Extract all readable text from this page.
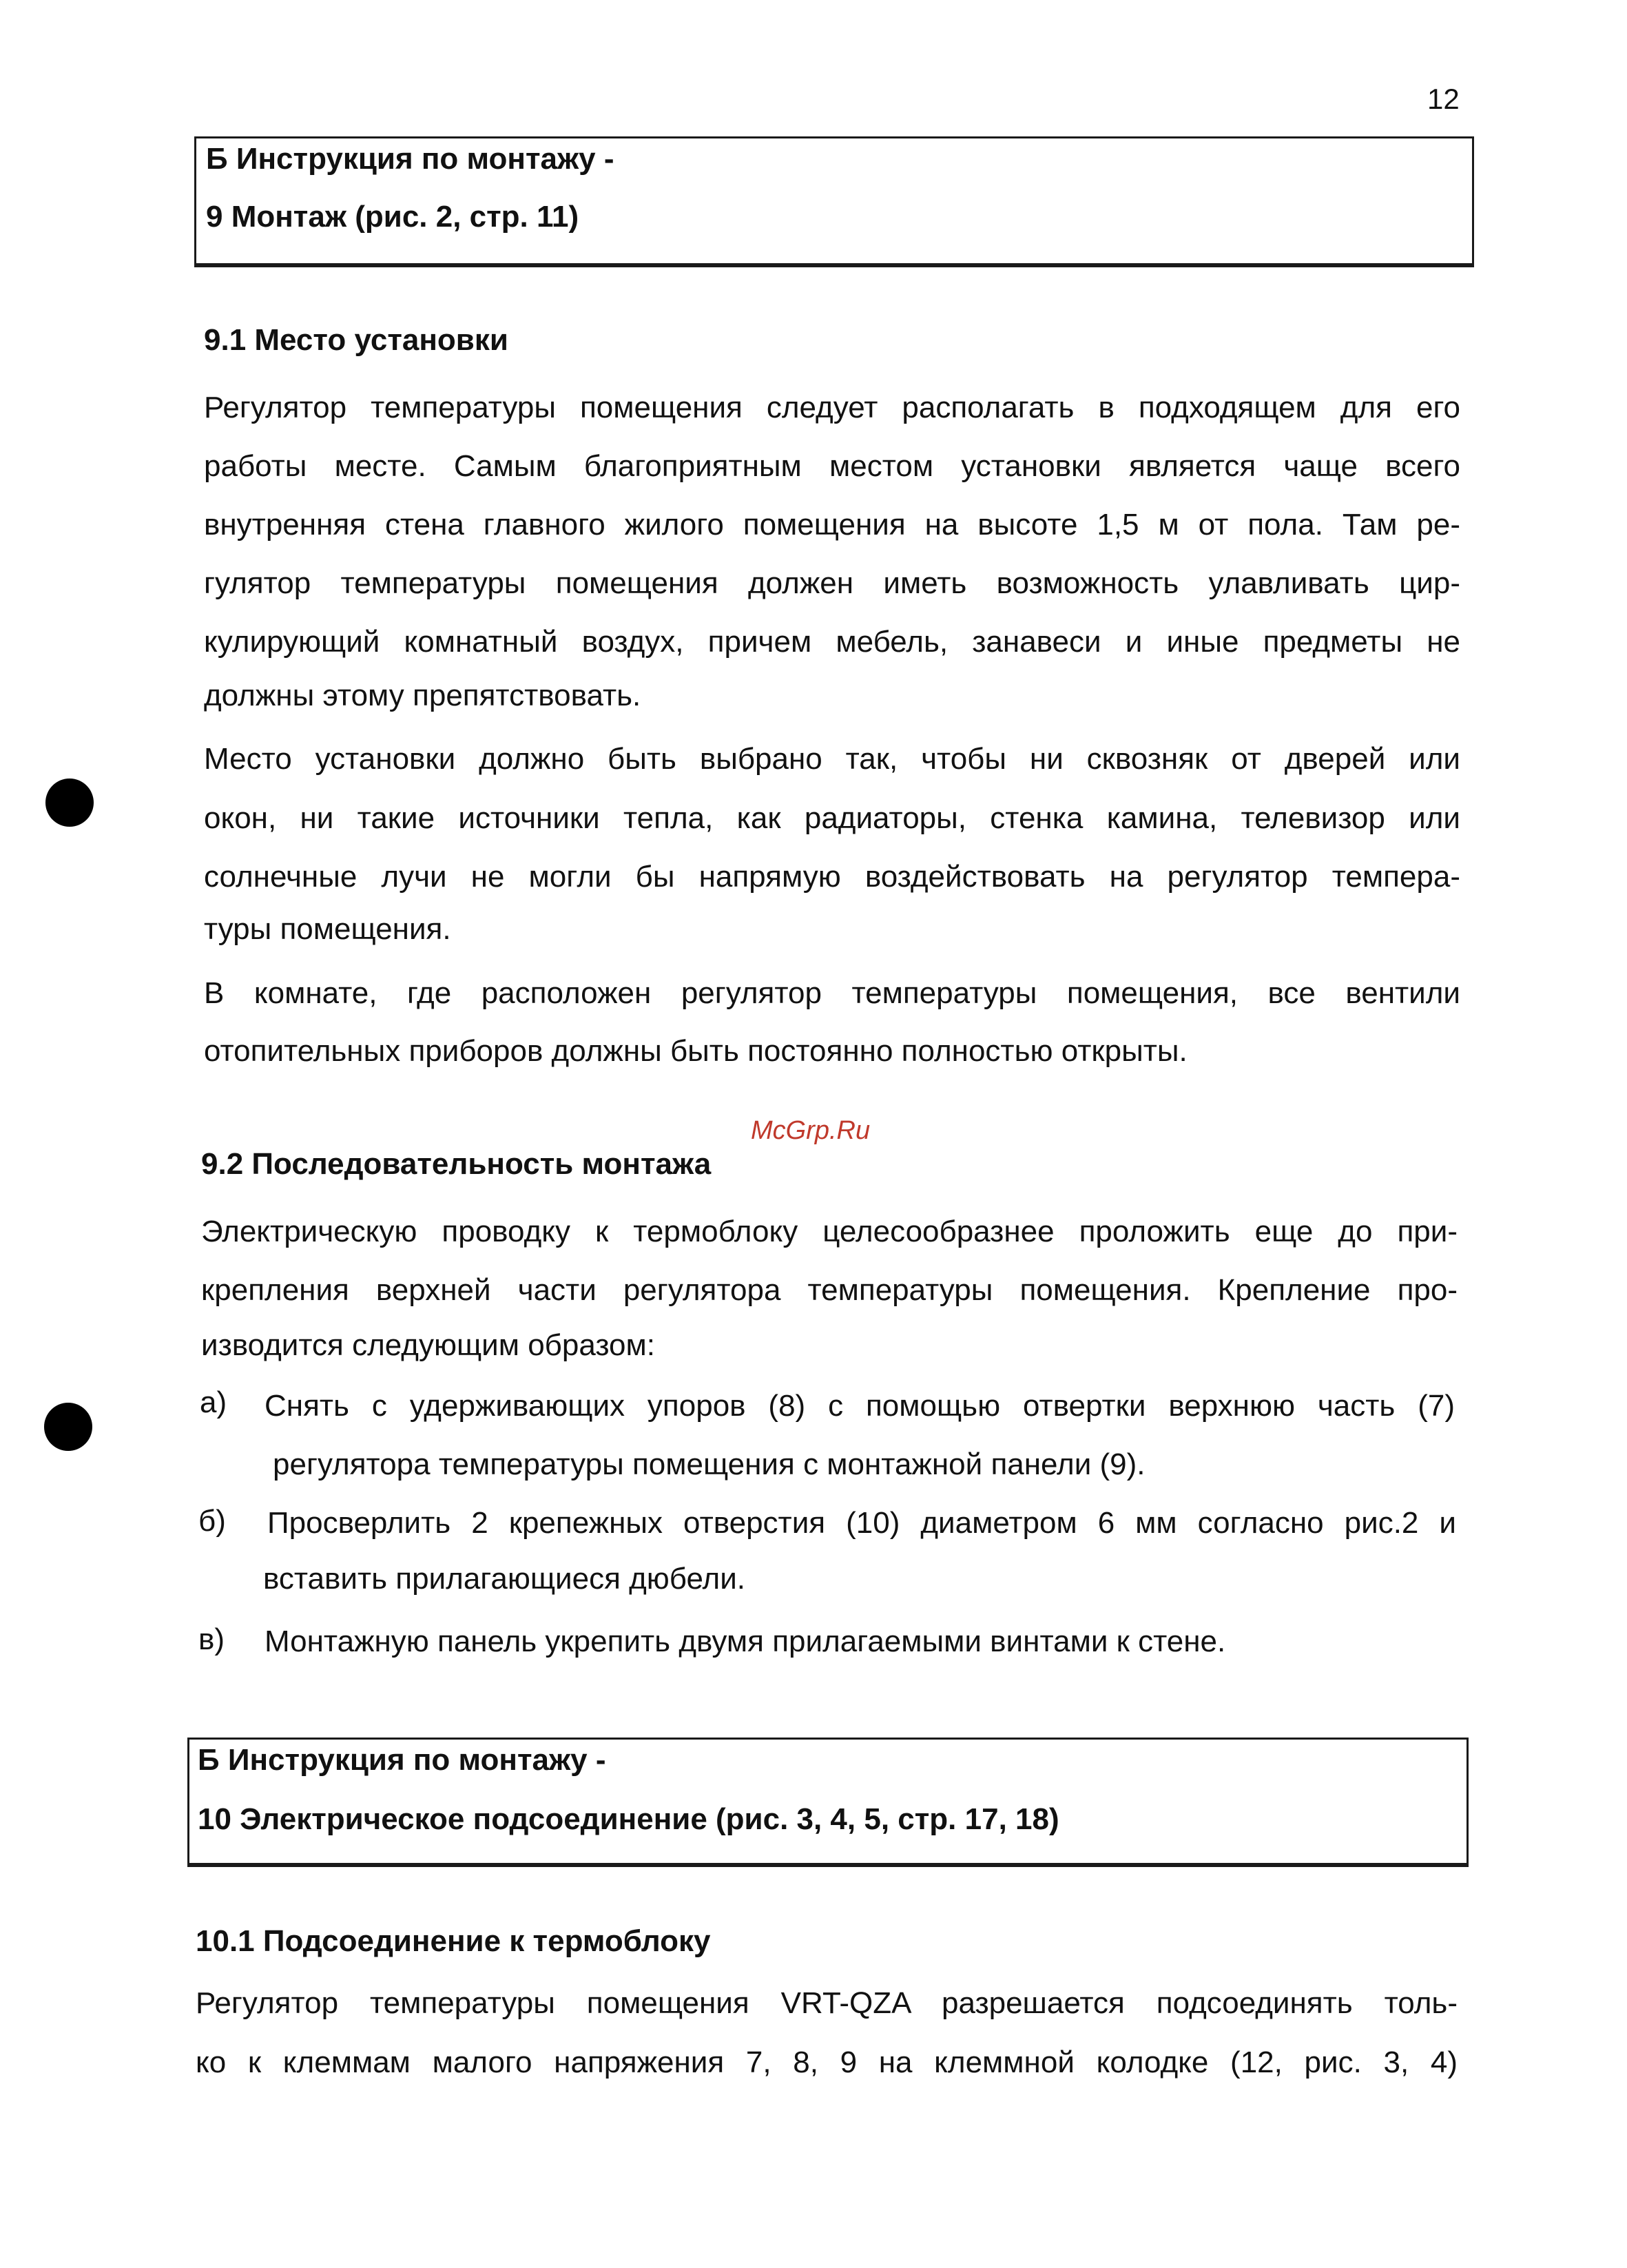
12
Б Инструкция по монтажу -
9 Монтаж (рис. 2, стр. 11)
9.1 Место установки
Регулятор температуры помещения следует располагать в подходящем для его
работы месте. Самым благоприятным местом установки является чаще всего
внутренняя стена главного жилого помещения на высоте 1,5 м от пола. Там ре-
гулятор температуры помещения должен иметь возможность улавливать цир-
кулирующий комнатный воздух, причем мебель, занавеси и иные предметы не
должны этому препятствовать.
Место установки должно быть выбрано так, чтобы ни сквозняк от дверей или
окон, ни такие источники тепла, как радиаторы, стенка камина, телевизор или
солнечные лучи не могли бы напрямую воздействовать на регулятор темпера-
туры помещения.
В комнате, где расположен регулятор температуры помещения, все вентили
отопительных приборов должны быть постоянно полностью открыты.
McGrp.Ru
9.2 Последовательность монтажа
Электрическую проводку к термоблоку целесообразнее проложить еще до при-
крепления верхней части регулятора температуры помещения. Крепление про-
изводится следующим образом:
а) Снять с удерживающих упоров (8) с помощью отвертки верхнюю часть (7)
регулятора температуры помещения с монтажной панели (9).
б) Просверлить 2 крепежных отверстия (10) диаметром 6 мм согласно рис.2 и
вставить прилагающиеся дюбели.
в) Монтажную панель укрепить двумя прилагаемыми винтами к стене.
Б Инструкция по монтажу -
10 Электрическое подсоединение (рис. 3, 4, 5, стр. 17, 18)
10.1 Подсоединение к термоблоку
Регулятор температуры помещения VRT-QZA разрешается подсоединять толь-
ко к клеммам малого напряжения 7, 8, 9 на клеммной колодке (12, рис. 3, 4)
